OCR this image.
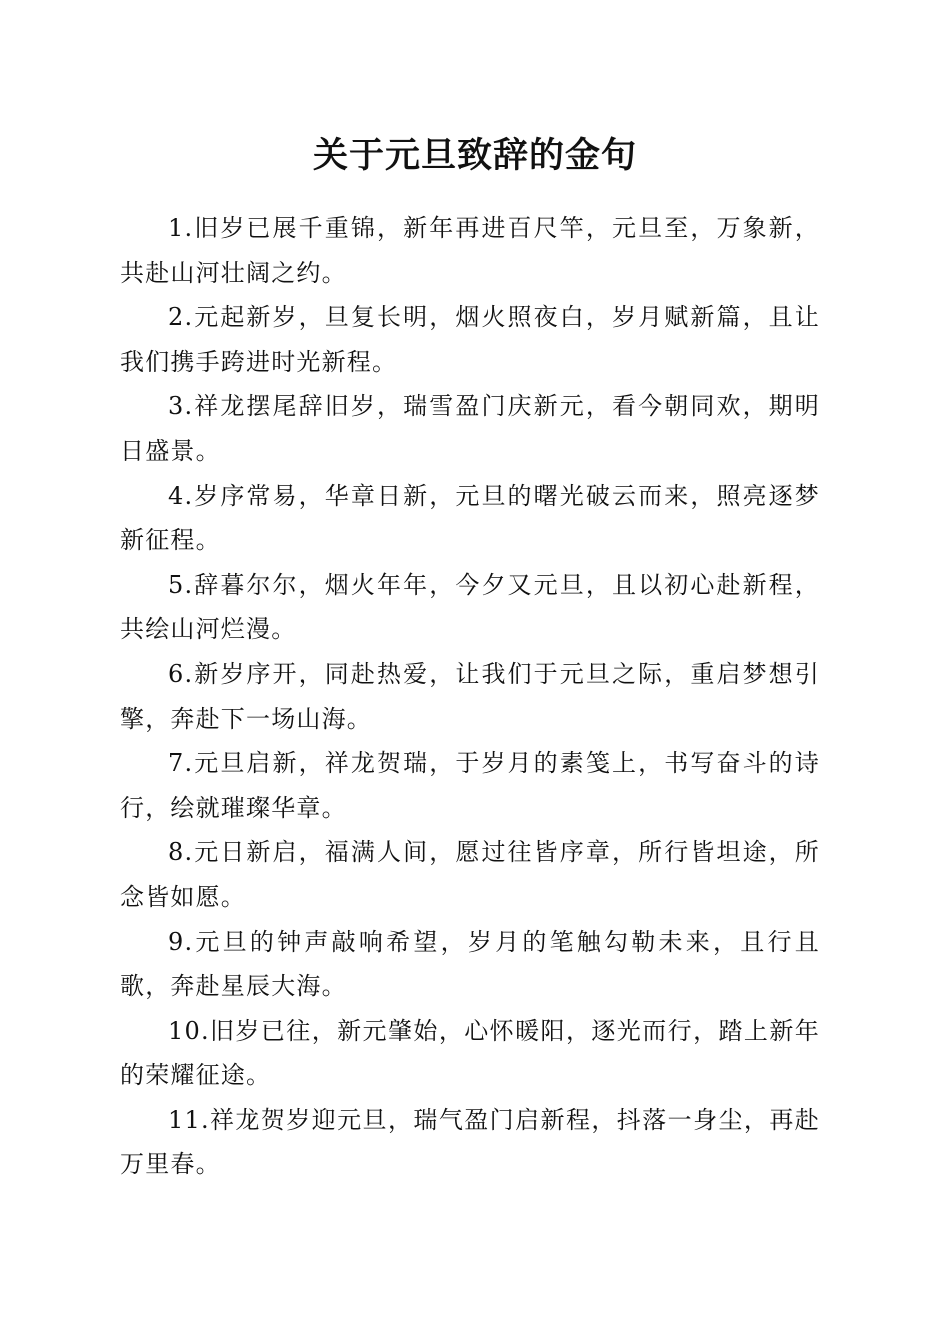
关于元旦致辞的金句

1.旧岁已展千重锦，新年再进百尺竿，元旦至，万象新，共赴山河壮阔之约。

2.元起新岁，旦复长明，烟火照夜白，岁月赋新篇，且让我们携手跨进时光新程。

3.祥龙摆尾辞旧岁，瑞雪盈门庆新元，看今朝同欢，期明日盛景。

4.岁序常易，华章日新，元旦的曙光破云而来，照亮逐梦新征程。

5.辞暮尔尔，烟火年年，今夕又元旦，且以初心赴新程，共绘山河烂漫。

6.新岁序开，同赴热爱，让我们于元旦之际，重启梦想引擎，奔赴下一场山海。

7.元旦启新，祥龙贺瑞，于岁月的素笺上，书写奋斗的诗行，绘就璀璨华章。

8.元日新启，福满人间，愿过往皆序章，所行皆坦途，所念皆如愿。

9.元旦的钟声敲响希望，岁月的笔触勾勒未来，且行且歌，奔赴星辰大海。

10.旧岁已往，新元肇始，心怀暖阳，逐光而行，踏上新年的荣耀征途。

11.祥龙贺岁迎元旦，瑞气盈门启新程，抖落一身尘，再赴万里春。
